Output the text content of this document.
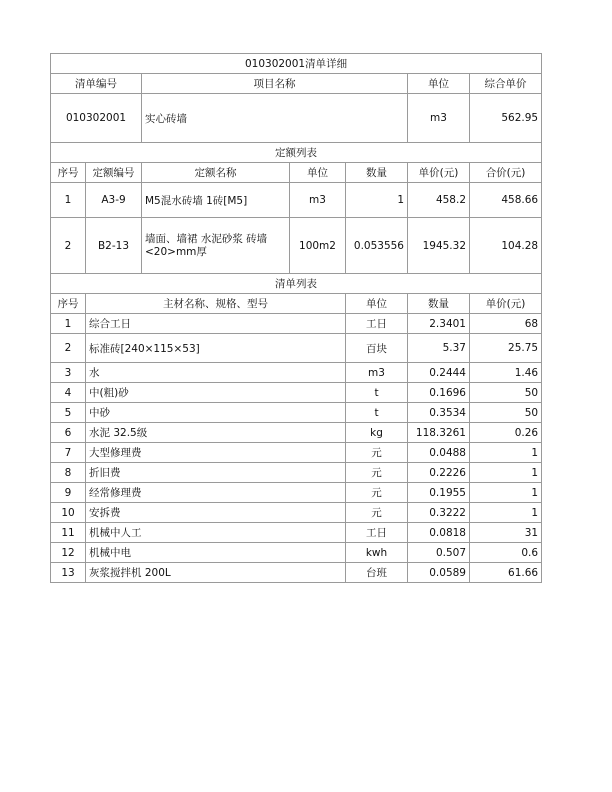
010302001清单详细							
清单编号		项目名称			单位	综合单价	
010302001		实心砖墙			m3	562.95	
定额列表							
序号	定额编号	定额名称	单位	数量	单价(元)	合价(元)	
1	A3-9	M5混水砖墙 1砖[M5]	m3	1	458.2	458.66	
2	B2-13	墙面、墙裙 水泥砂浆 砖墙<20>mm厚	100m2	0.053556	1945.32	104.28	
清单列表							
序号	主材名称、规格、型号			单位	数量	单价(元)	
1	综合工日			工日	2.3401	68	
2	标准砖[240×115×53]			百块	5.37	25.75	
3	水			m3	0.2444	1.46	
4	中(粗)砂			t	0.1696	50	
5	中砂			t	0.3534	50	
6	水泥 32.5级			kg	118.3261	0.26	
7	大型修理费			元	0.0488	1	
8	折旧费			元	0.2226	1	
9	经常修理费			元	0.1955	1	
10	安拆费			元	0.3222	1	
11	机械中人工			工日	0.0818	31	
12	机械中电			kwh	0.507	0.6	
13	灰浆搅拌机 200L			台班	0.0589	61.66	
